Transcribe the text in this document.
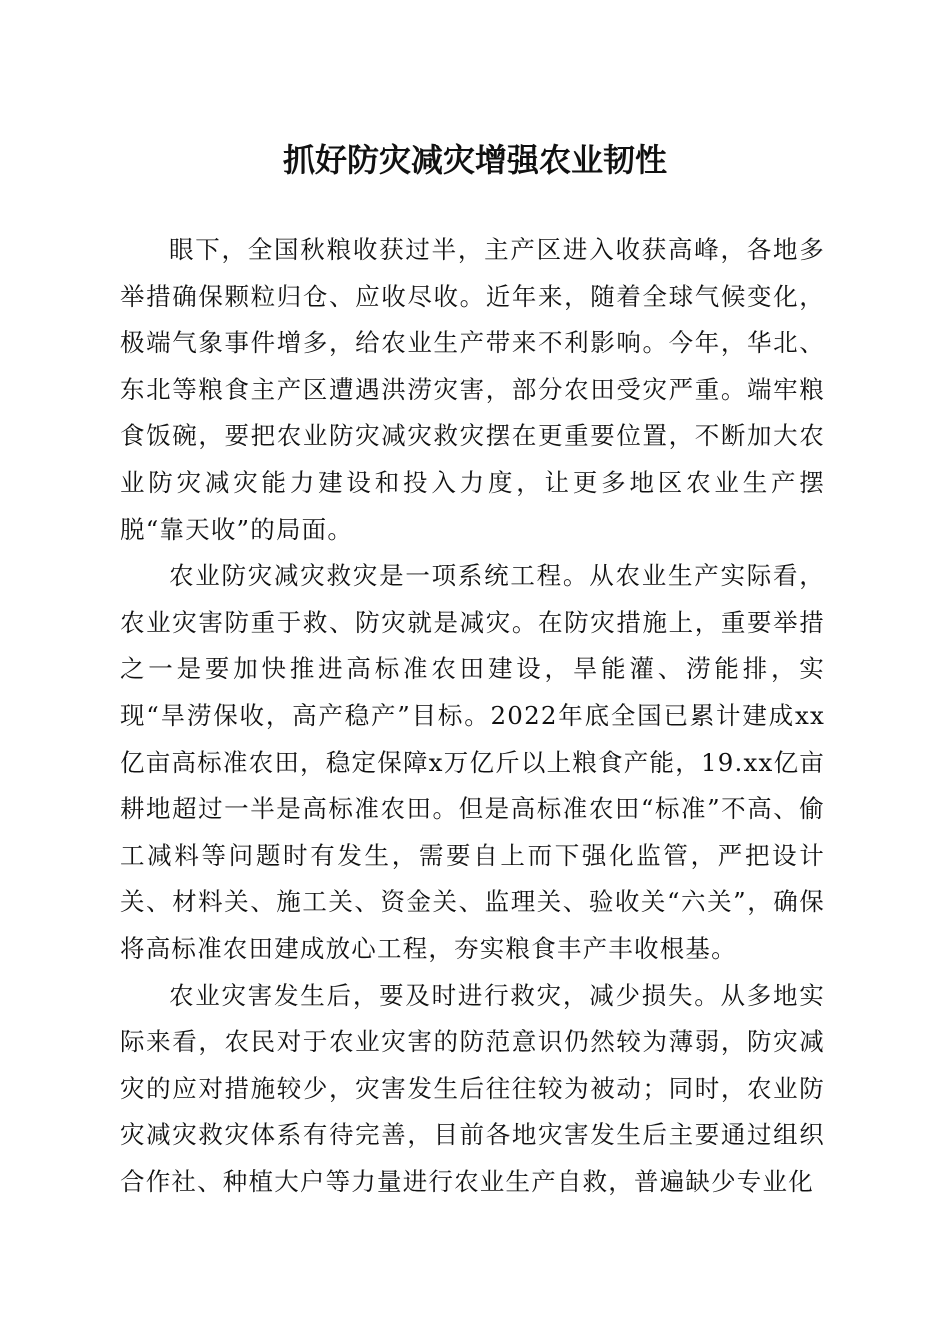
抓好防灾减灾增强农业韧性

眼下，全国秋粮收获过半，主产区进入收获高峰，各地多举措确保颗粒归仓、应收尽收。近年来，随着全球气候变化，极端气象事件增多，给农业生产带来不利影响。今年，华北、东北等粮食主产区遭遇洪涝灾害，部分农田受灾严重。端牢粮食饭碗，要把农业防灾减灾救灾摆在更重要位置，不断加大农业防灾减灾能力建设和投入力度，让更多地区农业生产摆脱“靠天收”的局面。

农业防灾减灾救灾是一项系统工程。从农业生产实际看，农业灾害防重于救、防灾就是减灾。在防灾措施上，重要举措之一是要加快推进高标准农田建设，旱能灌、涝能排，实现“旱涝保收，高产稳产”目标。2022年底全国已累计建成xx亿亩高标准农田，稳定保障x万亿斤以上粮食产能，19.xx亿亩耕地超过一半是高标准农田。但是高标准农田“标准”不高、偷工减料等问题时有发生，需要自上而下强化监管，严把设计关、材料关、施工关、资金关、监理关、验收关“六关”，确保将高标准农田建成放心工程，夯实粮食丰产丰收根基。

农业灾害发生后，要及时进行救灾，减少损失。从多地实际来看，农民对于农业灾害的防范意识仍然较为薄弱，防灾减灾的应对措施较少，灾害发生后往往较为被动；同时，农业防灾减灾救灾体系有待完善，目前各地灾害发生后主要通过组织合作社、种植大户等力量进行农业生产自救，普遍缺少专业化
